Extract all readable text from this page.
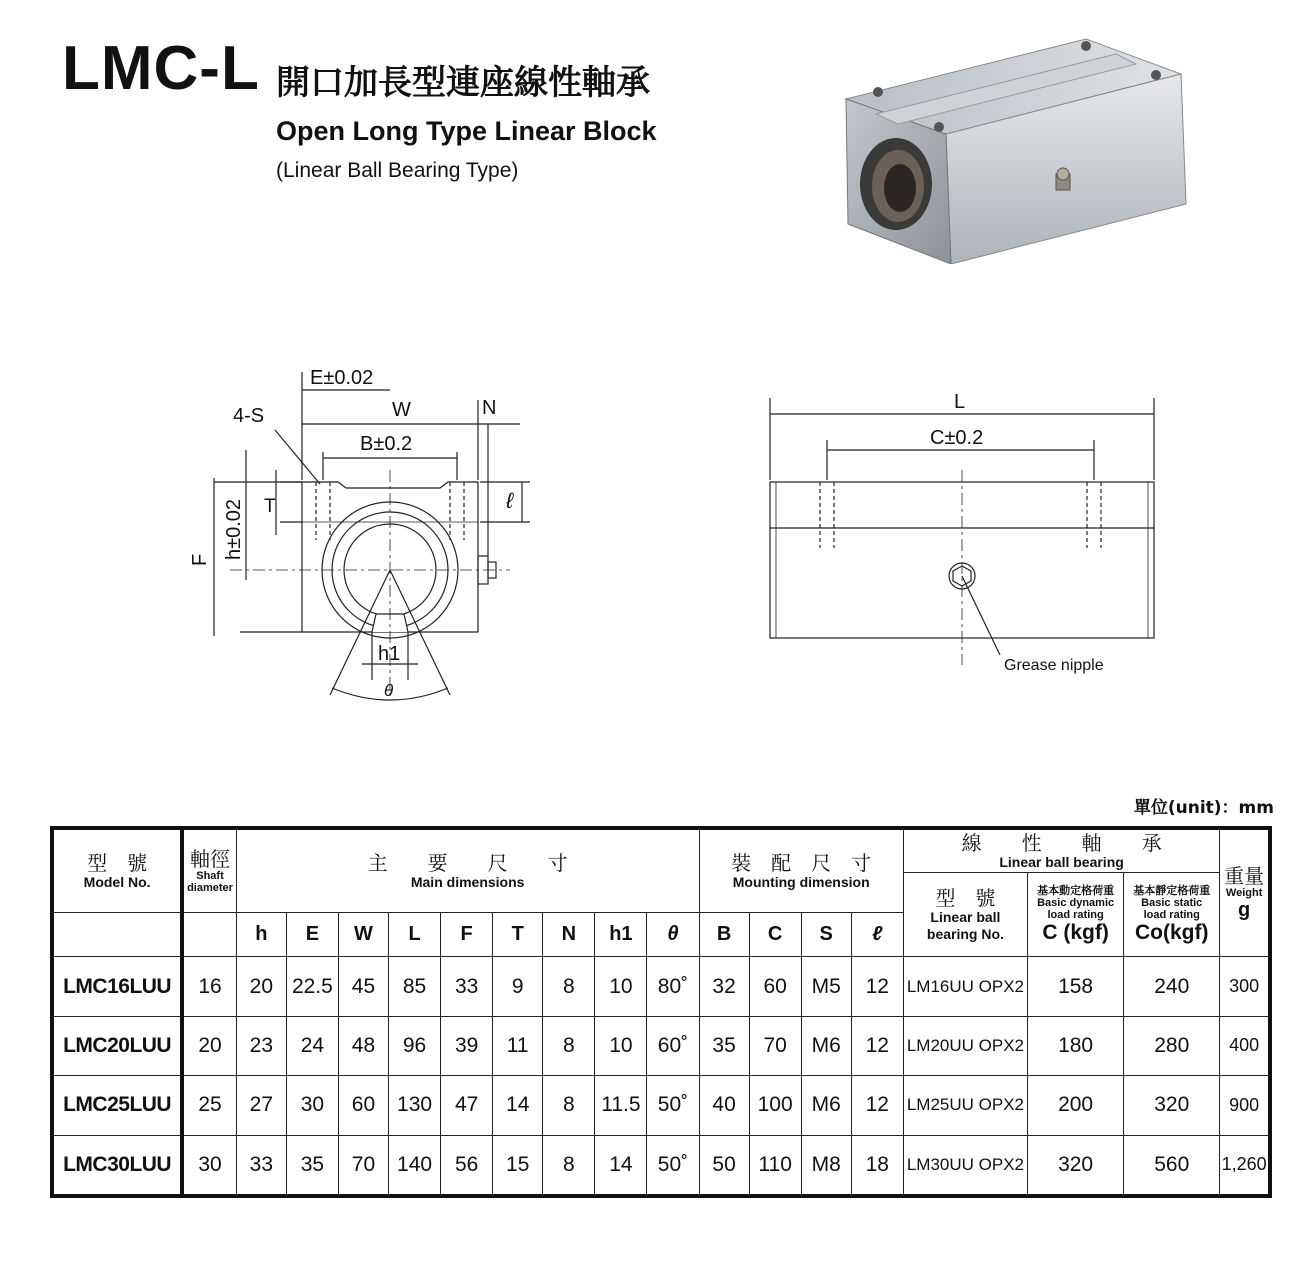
LMC-L 開口加長型連座線性軸承
Open Long Type Linear Block
(Linear Ball Bearing Type)
E±0.02
W	N
4-S
B±0.2
T	ℓ
h±0.02
F
h1
θ
L
C±0.2
Grease nipple
單位(unit)：mm
型　號
Model No.	軸徑
Shaft
diameter	主　　要　　尺　　寸
Main dimensions									裝　配　尺　寸
Mounting dimension				線　　性　　軸　　承
Linear ball bearing			重量
Weight
g

															型　號
Linear ball
bearing No.	基本動定格荷重
Basic dynamic
load rating
C (kgf)	基本靜定格荷重
Basic static
load rating
Co(kgf)	

		h	E	W	L	F	T	N	h1	θ	B	C	S	ℓ				
LMC16LUU	16	20	22.5	45	85	33	9	8	10	80˚	32	60	M5	12	LM16UU OPX2	158	240	300
LMC20LUU	20	23	24	48	96	39	11	8	10	60˚	35	70	M6	12	LM20UU OPX2	180	280	400
LMC25LUU	25	27	30	60	130	47	14	8	11.5	50˚	40	100	M6	12	LM25UU OPX2	200	320	900
LMC30LUU	30	33	35	70	140	56	15	8	14	50˚	50	110	M8	18	LM30UU OPX2	320	560	1,260
